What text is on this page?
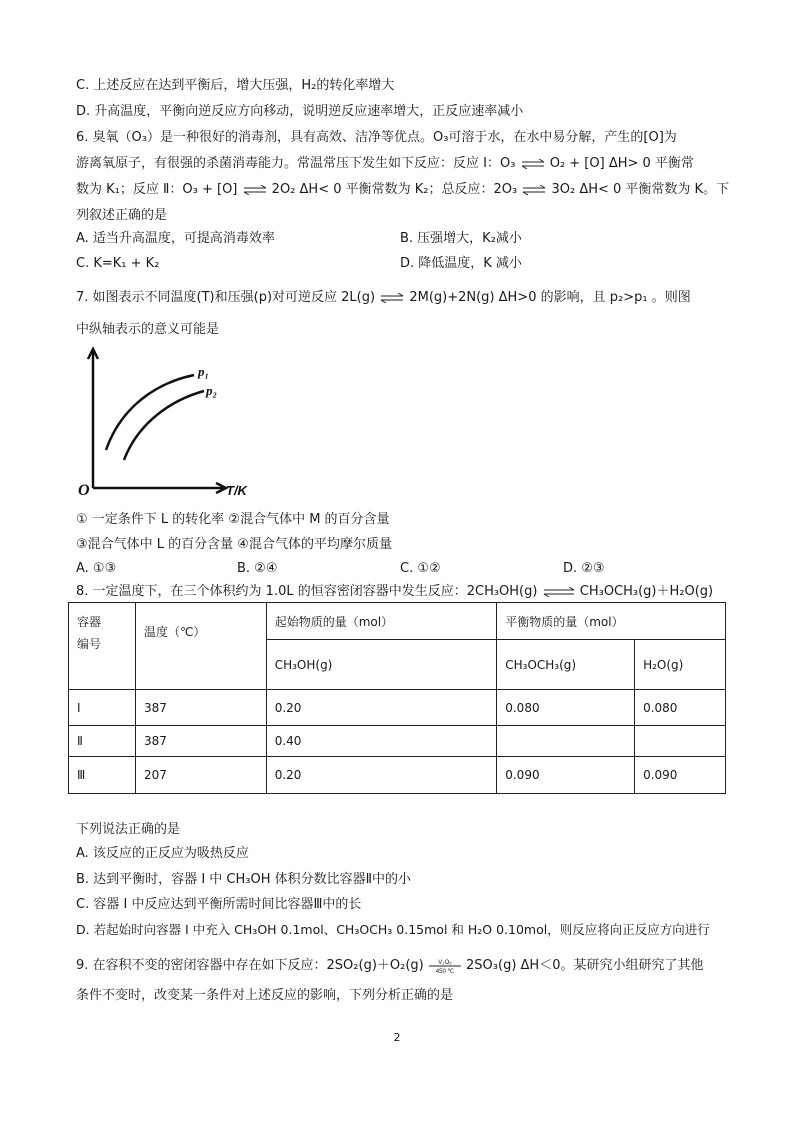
C. 上述反应在达到平衡后，增大压强，H₂的转化率增大
D. 升高温度，平衡向逆反应方向移动，说明逆反应速率增大，正反应速率减小
6. 臭氧（O₃）是一种很好的消毒剂，具有高效、洁净等优点。O₃可溶于水，在水中易分解，产生的[O]为
游离氧原子，有很强的杀菌消毒能力。常温常压下发生如下反应：反应 Ⅰ：O₃ ⇌ O₂ + [O] ΔH> 0 平衡常
数为 K₁；反应 Ⅱ：O₃ + [O] ⇌ 2O₂ ΔH< 0 平衡常数为 K₂；总反应：2O₃ ⇌ 3O₂ ΔH< 0 平衡常数为 K。下
列叙述正确的是
A. 适当升高温度，可提高消毒效率	B. 压强增大，K₂减小
C. K=K₁ + K₂	D. 降低温度，K 减小
7. 如图表示不同温度(T)和压强(p)对可逆反应 2L(g) ⇌ 2M(g)+2N(g) ΔH>0 的影响，且 p₂>p₁ 。则图
中纵轴表示的意义可能是
p₁
p₂
O	T/K
① 一定条件下 L 的转化率 ②混合气体中 M 的百分含量
③混合气体中 L 的百分含量 ④混合气体的平均摩尔质量
A. ①③	B. ②④	C. ①②	D. ②③
8. 一定温度下，在三个体积约为 1.0L 的恒容密闭容器中发生反应：2CH₃OH(g) ⇌ CH₃OCH₃(g)＋H₂O(g)
容器编号	温度（℃）	起始物质的量（mol）	平衡物质的量（mol）	
		CH₃OH(g)	CH₃OCH₃(g)	H₂O(g)
I	387	0.20	0.080	0.080
Ⅱ	387	0.40		
Ⅲ	207	0.20	0.090	0.090
下列说法正确的是
A. 该反应的正反应为吸热反应
B. 达到平衡时，容器 I 中 CH₃OH 体积分数比容器Ⅱ中的小
C. 容器 I 中反应达到平衡所需时间比容器Ⅲ中的长
D. 若起始时向容器 I 中充入 CH₃OH 0.1mol、CH₃OCH₃ 0.15mol 和 H₂O 0.10mol，则反应将向正反应方向进行
9. 在容积不变的密闭容器中存在如下反应：2SO₂(g)＋O₂(g) V₂O₅
450 ℃ 2SO₃(g) ΔH＜0。某研究小组研究了其他
条件不变时，改变某一条件对上述反应的影响，下列分析正确的是
2
